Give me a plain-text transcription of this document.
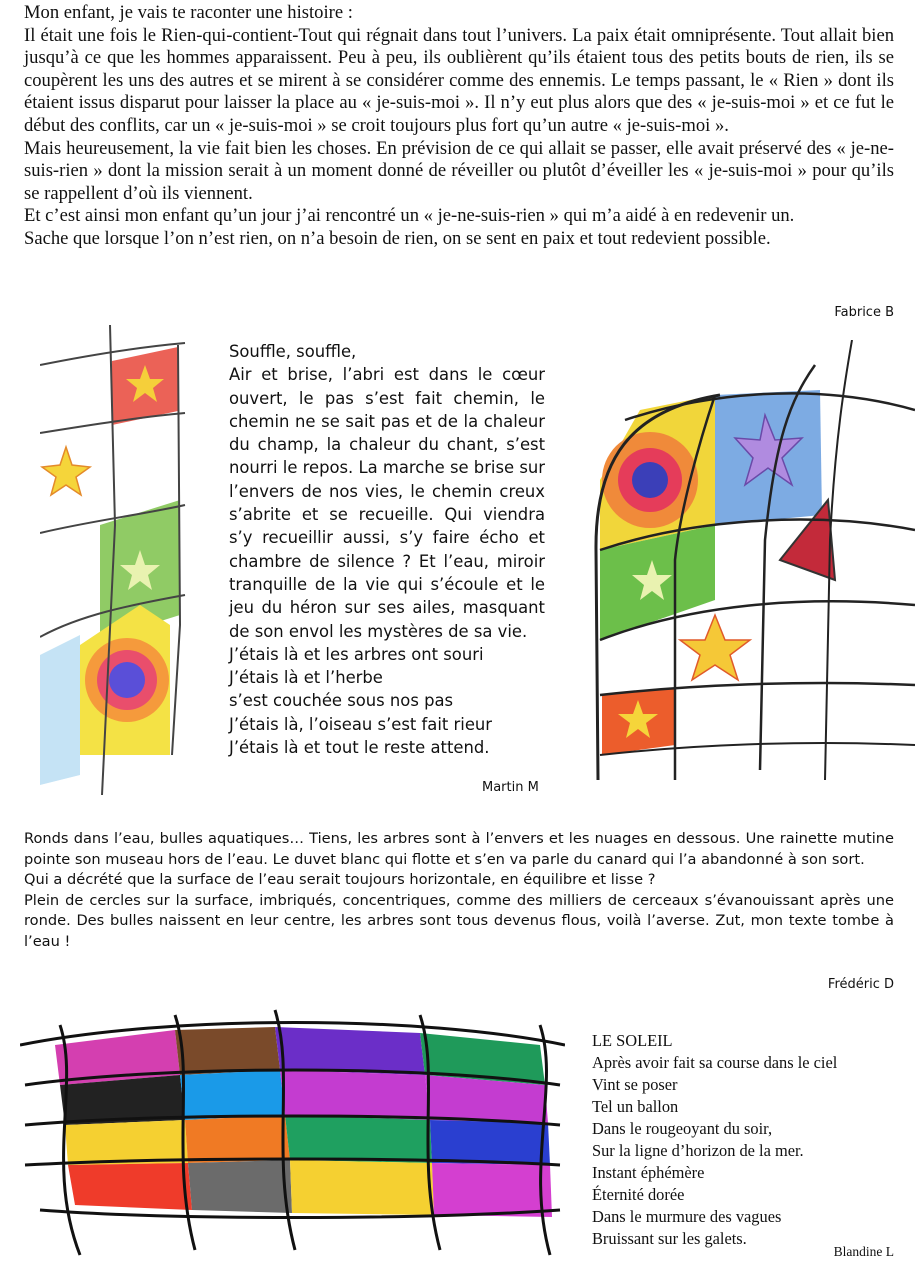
Mon enfant, je vais te raconter une histoire :

Il était une fois le Rien-qui-contient-Tout qui régnait dans tout l’univers. La paix était omniprésente. Tout allait bien jusqu’à ce que les hommes apparaissent. Peu à peu, ils oublièrent qu’ils étaient tous des petits bouts de rien, ils se coupèrent les uns des autres et se mirent à se considérer comme des ennemis. Le temps passant, le « Rien » dont ils étaient issus disparut pour laisser la place au « je-suis-moi ». Il n’y eut plus alors que des « je-suis-moi » et ce fut le début des conflits, car un « je-suis-moi » se croit toujours plus fort qu’un autre « je-suis-moi ».

Mais heureusement, la vie fait bien les choses. En prévision de ce qui allait se passer, elle avait préservé des « je-ne-suis-rien » dont la mission serait à un moment donné de réveiller ou plutôt d’éveiller les « je-suis-moi » pour qu’ils se rappellent d’où ils viennent.

Et c’est ainsi mon enfant qu’un jour j’ai rencontré un « je-ne-suis-rien » qui m’a aidé à en redevenir un.

Sache que lorsque l’on n’est rien, on n’a besoin de rien, on se sent en paix et tout redevient possible.

Fabrice B

Souffle, souffle,

Air et brise, l’abri est dans le cœur ouvert, le pas s’est fait chemin, le chemin ne se sait pas et de la chaleur du champ, la chaleur du chant, s’est nourri le repos. La marche se brise sur l’envers de nos vies, le chemin creux s’abrite et se recueille. Qui viendra s’y recueillir aussi, s’y faire écho et chambre de silence ? Et l’eau, miroir tranquille de la vie qui s’écoule et le jeu du héron sur ses ailes, masquant de son envol les mystères de sa vie.

J’étais là et les arbres ont souri

J’étais là et l’herbe

s’est couchée sous nos pas

J’étais là, l’oiseau s’est fait rieur

J’étais là et tout le reste attend.

Martin M

Ronds dans l’eau, bulles aquatiques… Tiens, les arbres sont à l’envers et les nuages en dessous. Une rainette mutine pointe son museau hors de l’eau. Le duvet blanc qui flotte et s’en va parle du canard qui l’a abandonné à son sort.

Qui a décrété que la surface de l’eau serait toujours horizontale, en équilibre et lisse ?

Plein de cercles sur la surface, imbriqués, concentriques, comme des milliers de cerceaux s’évanouissant après une ronde. Des bulles naissent en leur centre, les arbres sont tous devenus flous, voilà l’averse. Zut, mon texte tombe à l’eau !

Frédéric D
LE SOLEIL
Après avoir fait sa course dans le ciel
Vint se poser
Tel un ballon
Dans le rougeoyant du soir,
Sur la ligne d’horizon de la mer.
Instant éphémère
Éternité dorée
Dans le murmure des vagues
Bruissant sur les galets.
Blandine L
